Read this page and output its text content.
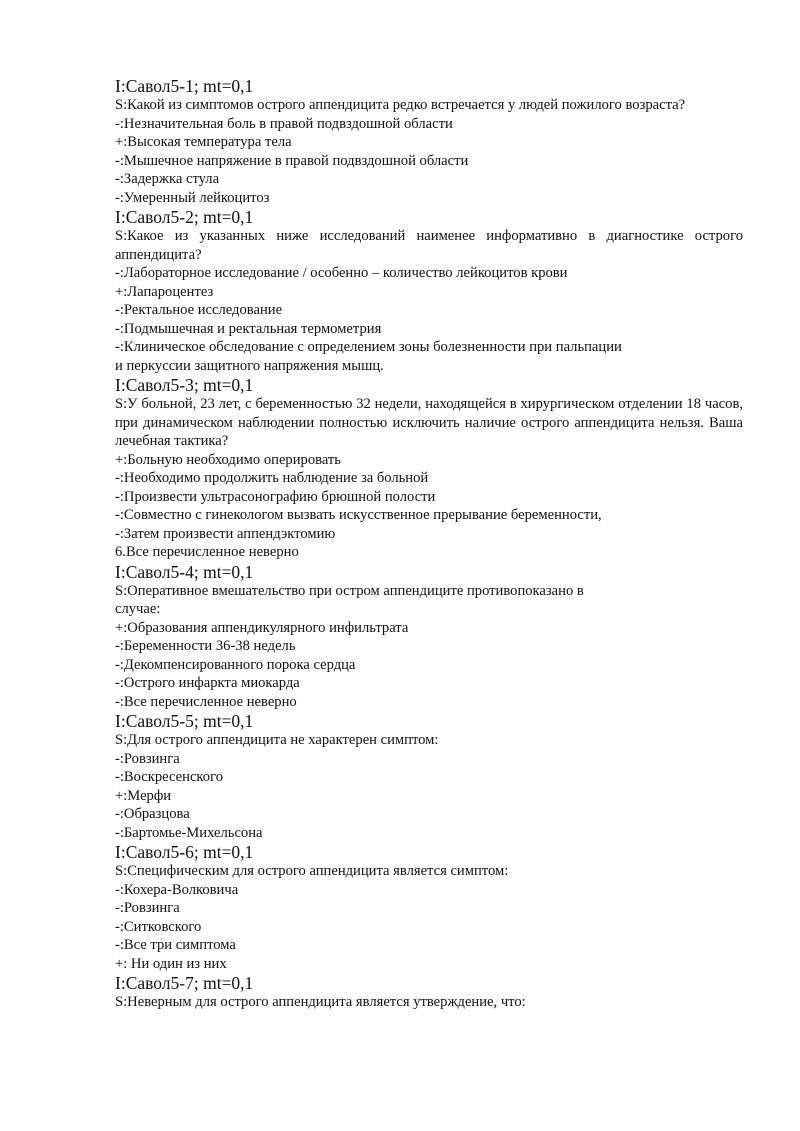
I:Савол5-1; mt=0,1
S:Какой из симптомов острого аппендицита редко встречается у людей пожилого возраста?
-:Незначительная боль в правой подвздошной области
+:Высокая температура тела
-:Мышечное напряжение в правой подвздошной области
-:Задержка стула
-:Умеренный лейкоцитоз
I:Савол5-2; mt=0,1
S:Какое из указанных ниже исследований наименее информативно в диагностике острого аппендицита?
-:Лабораторное исследование / особенно – количество лейкоцитов крови
+:Лапароцентез
-:Ректальное исследование
-:Подмышечная и ректальная термометрия
-:Клиническое обследование с определением зоны болезненности при пальпации
и перкуссии защитного напряжения мышц.
I:Савол5-3; mt=0,1
S:У больной, 23 лет, с беременностью 32 недели, находящейся в хирургическом отделении 18 часов, при динамическом наблюдении полностью исключить наличие острого аппендицита нельзя. Ваша лечебная тактика?
+:Больную необходимо оперировать
-:Необходимо продолжить наблюдение за больной
-:Произвести ультрасонографию брюшной полости
-:Совместно с гинекологом вызвать искусственное прерывание беременности,
-:Затем произвести аппендэктомию
6.Все перечисленное неверно
I:Савол5-4; mt=0,1
S:Оперативное вмешательство при остром аппендиците противопоказано в
случае:
+:Образования аппендикулярного инфильтрата
-:Беременности 36-38 недель
-:Декомпенсированного порока сердца
-:Острого инфаркта миокарда
-:Все перечисленное неверно
I:Савол5-5; mt=0,1
S:Для острого аппендицита не характерен симптом:
-:Ровзинга
-:Воскресенского
+:Мерфи
-:Образцова
-:Бартомье-Михельсона
I:Савол5-6; mt=0,1
S:Специфическим для острого аппендицита является симптом:
-:Кохера-Волковича
-:Ровзинга
-:Ситковского
-:Все три симптома
+: Ни один из них
I:Савол5-7; mt=0,1
S:Неверным для острого аппендицита является утверждение, что:
